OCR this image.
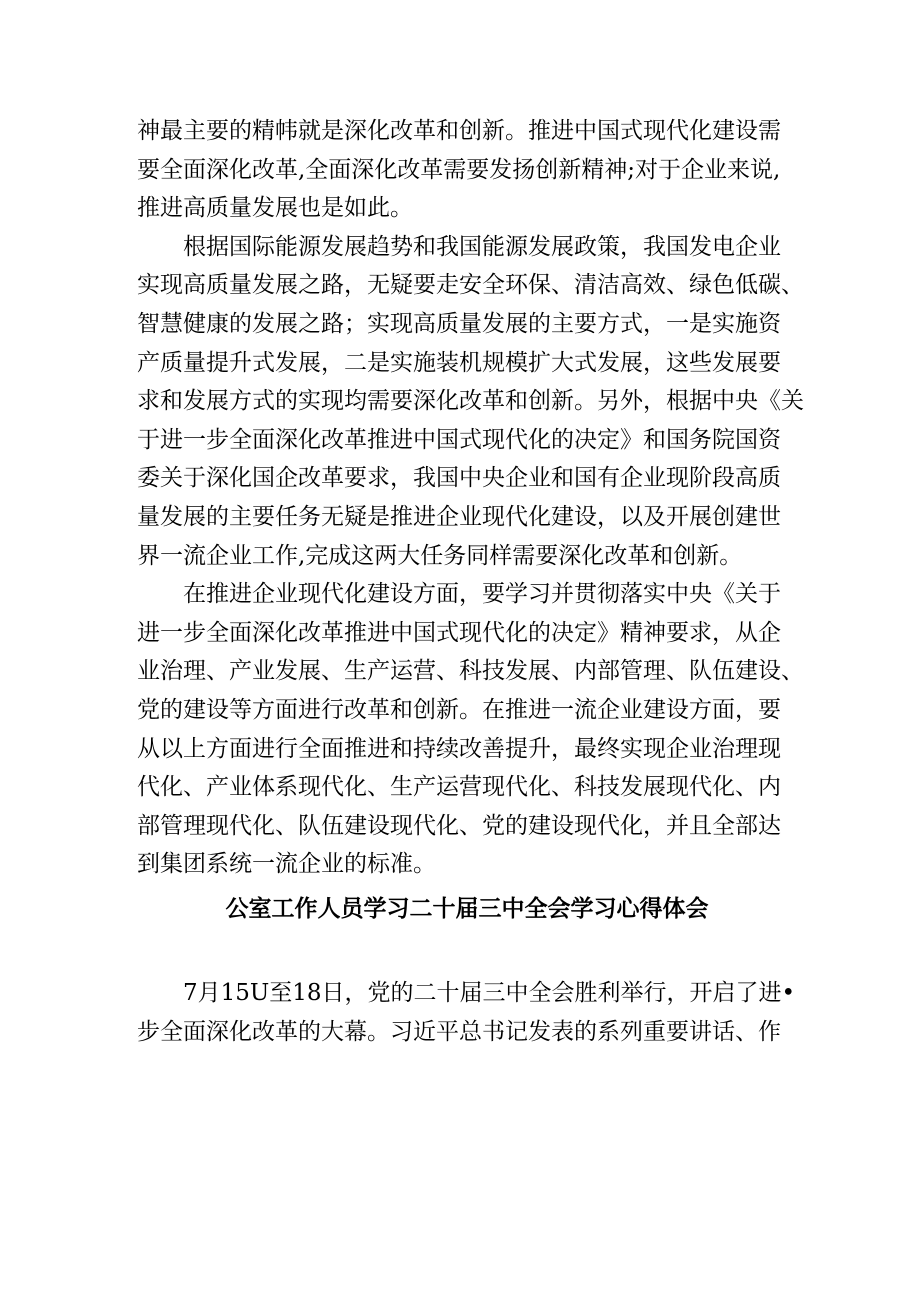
神最主要的精帏就是深化改革和创新。推进中国式现代化建设需
要全面深化改革,全面深化改革需要发扬创新精神;对于企业来说,
推进高质量发展也是如此。
根据国际能源发展趋势和我国能源发展政策，我国发电企业
实现高质量发展之路，无疑要走安全环保、清洁高效、绿色低碳、
智慧健康的发展之路；实现高质量发展的主要方式，一是实施资
产质量提升式发展，二是实施装机规模扩大式发展，这些发展要
求和发展方式的实现均需要深化改革和创新。另外，根据中央《关
于进一步全面深化改革推进中国式现代化的决定》和国务院国资
委关于深化国企改革要求，我国中央企业和国有企业现阶段高质
量发展的主要任务无疑是推进企业现代化建设，以及开展创建世
界一流企业工作,完成这两大任务同样需要深化改革和创新。
在推进企业现代化建设方面，要学习并贯彻落实中央《关于
进一步全面深化改革推进中国式现代化的决定》精神要求，从企
业治理、产业发展、生产运营、科技发展、内部管理、队伍建设、
党的建设等方面进行改革和创新。在推进一流企业建设方面，要
从以上方面进行全面推进和持续改善提升，最终实现企业治理现
代化、产业体系现代化、生产运营现代化、科技发展现代化、内
部管理现代化、队伍建设现代化、党的建设现代化，并且全部达
到集团系统一流企业的标准。
公室工作人员学习二十届三中全会学习心得体会
7月15U至18日，党的二十届三中全会胜利举行，开启了进•
步全面深化改革的大幕。习近平总书记发表的系列重要讲话、作
